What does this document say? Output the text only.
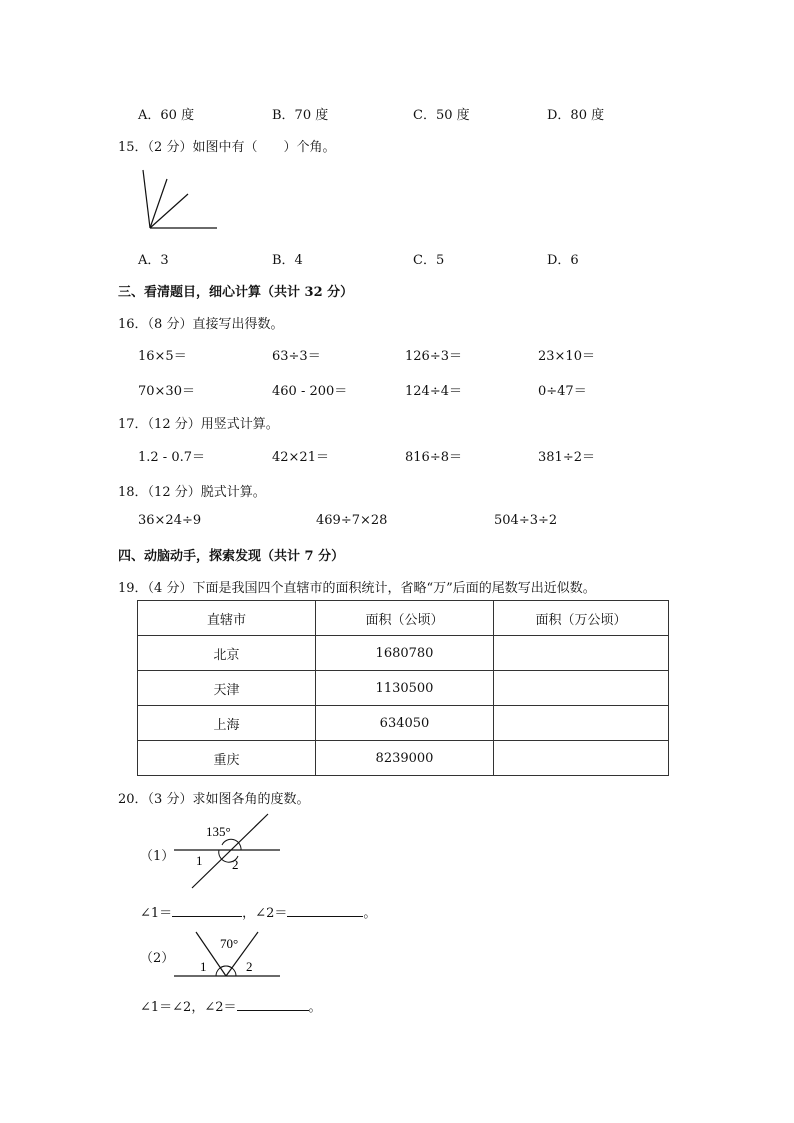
A．60 度	B．70 度	C．50 度	D．80 度
15．（2 分）如图中有（　　）个角。
A．3	B．4	C．5	D．6
三、看清题目，细心计算（共计 32 分）
16．（8 分）直接写出得数。
16×5＝	63÷3＝	126÷3＝	23×10＝
70×30＝	460 - 200＝	124÷4＝	0÷47＝
17．（12 分）用竖式计算。
1.2 - 0.7＝	42×21＝	816÷8＝	381÷2＝
18．（12 分）脱式计算。
36×24÷9	469÷7×28	504÷3÷2
四、动脑动手，探索发现（共计 7 分）
19．（4 分）下面是我国四个直辖市的面积统计，省略“万”后面的尾数写出近似数。
直辖市	面积（公顷）	面积（万公顷）
北京	1680780	
天津	1130500	
上海	634050	
重庆	8239000	
20．（3 分）求如图各角的度数。
（1）
135°
1 2
∠1＝	，∠2＝	。
（2）
70°
1	2
∠1＝∠2，∠2＝	。
